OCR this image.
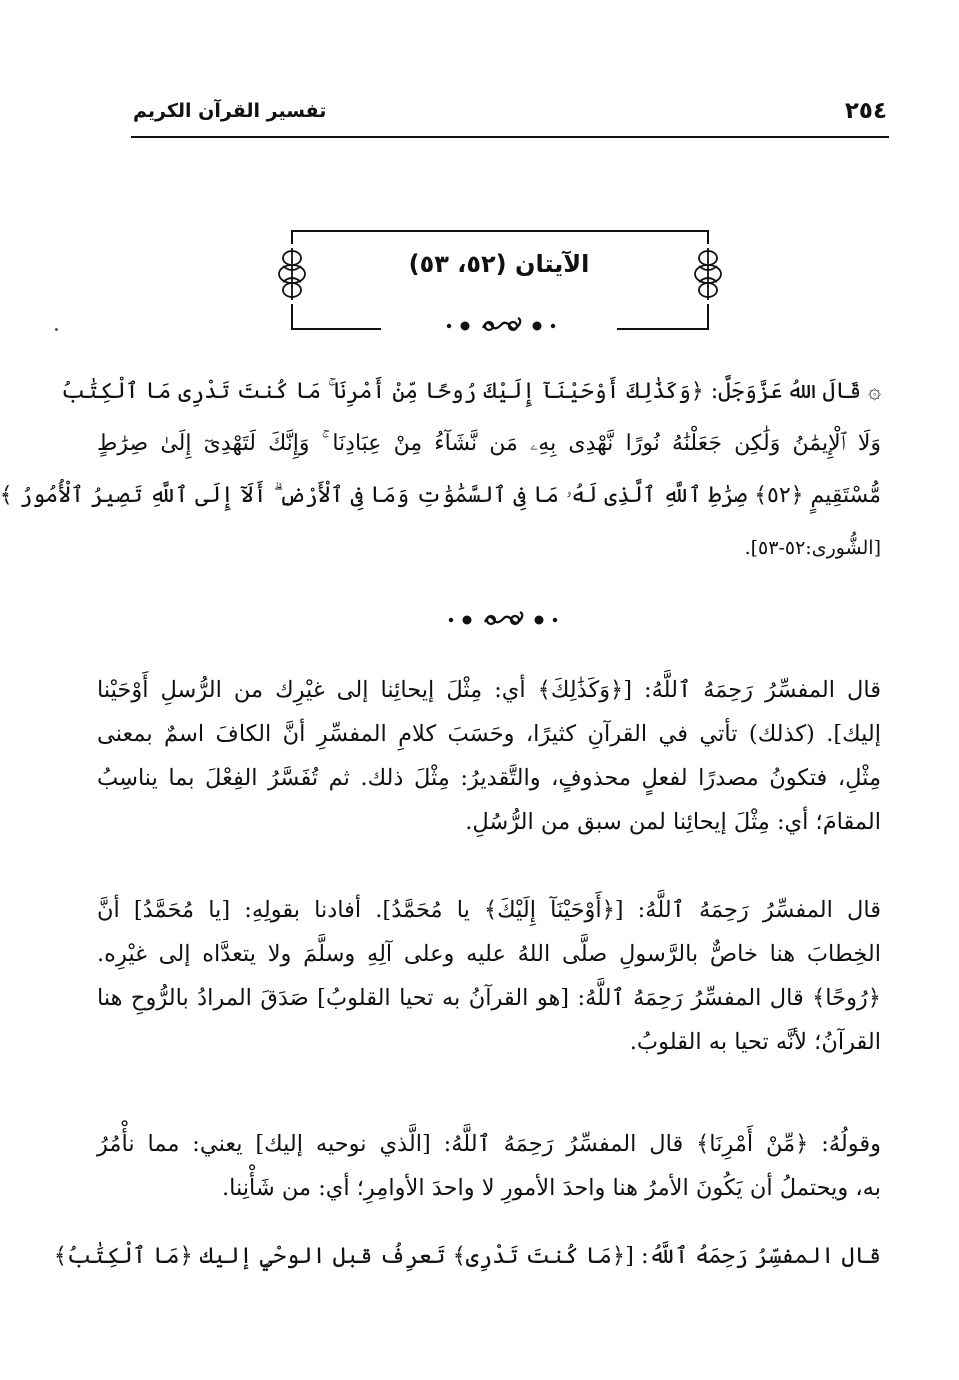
٢٥٤
تفسير القرآن الكريم
الآيتان (٥٢، ٥٣)
۞ قَالَ اللهُ عَزَّوَجَلَّ: ﴿وَكَذَٰلِكَ أَوْحَيْنَآ إِلَيْكَ رُوحًا مِّنْ أَمْرِنَا ۚ مَا كُنتَ تَدْرِى مَا ٱلْكِتَٰبُ
وَلَا ٱلْإِيمَٰنُ وَلَٰكِن جَعَلْنَٰهُ نُورًا نَّهْدِى بِهِۦ مَن نَّشَآءُ مِنْ عِبَادِنَا ۚ وَإِنَّكَ لَتَهْدِىٓ إِلَىٰ صِرَٰطٍ
مُّسْتَقِيمٍ ﴿٥٢﴾ صِرَٰطِ ٱللَّهِ ٱلَّذِى لَهُۥ مَا فِى ٱلسَّمَٰوَٰتِ وَمَا فِى ٱلْأَرْضِ ۗ أَلَآ إِلَى ٱللَّهِ تَصِيرُ ٱلْأُمُورُ ﴾
[الشُّورى:٥٢-٥٣].
قال المفسِّرُ رَحِمَهُ ٱللَّهُ: [﴿وَكَذَٰلِكَ﴾ أي: مِثْلَ إيحائِنا إلى غيْرِك من الرُّسلِ أَوْحَيْنا
إليك]. (كذلك) تأتي في القرآنِ كثيرًا، وحَسَبَ كلامِ المفسِّرِ أنَّ الكافَ اسمٌ بمعنى
مِثْلِ، فتكونُ مصدرًا لفعلٍ محذوفٍ، والتَّقديرُ: مِثْلَ ذلك. ثم تُفَسَّرُ الفِعْلَ بما يناسِبُ
المقامَ؛ أي: مِثْلَ إيحائِنا لمن سبق من الرُّسُلِ.
قال المفسِّرُ رَحِمَهُ ٱللَّهُ: [﴿أَوْحَيْنَآ إِلَيْكَ﴾ يا مُحَمَّدُ]. أفادنا بقولِهِ: [يا مُحَمَّدُ] أنَّ
الخِطابَ هنا خاصٌّ بالرَّسولِ صلَّى اللهُ عليه وعلى آلِهِ وسلَّمَ ولا يتعدَّاه إلى غيْرِه.
﴿رُوحًا﴾ قال المفسِّرُ رَحِمَهُ ٱللَّهُ: [هو القرآنُ به تحيا القلوبُ] صَدَقَ المرادُ بالرُّوحِ هنا
القرآنُ؛ لأنَّه تحيا به القلوبُ.
وقولُهُ: ﴿مِّنْ أَمْرِنَا﴾ قال المفسِّرُ رَحِمَهُ ٱللَّهُ: [الَّذي نوحيه إليك] يعني: مما نأْمُرُ
به، ويحتملُ أن يَكُونَ الأمرُ هنا واحدَ الأمورِ لا واحدَ الأوامِرِ؛ أي: من شَأْنِنا.
قال المفسِّرُ رَحِمَهُ ٱللَّهُ: [﴿مَا كُنتَ تَدْرِى﴾ تَعرِفُ قبل الوحْيِ إليك ﴿مَا ٱلْكِتَٰبُ﴾
